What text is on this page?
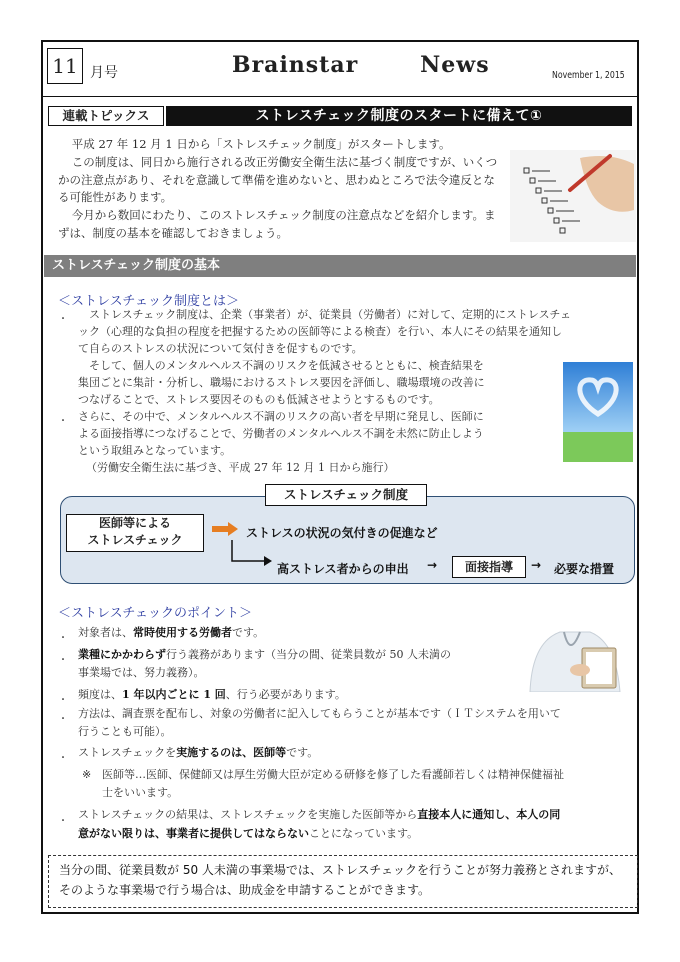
11 月号	Brainstar   News	November 1, 2015
連載トピックス	ストレスチェック制度のスタートに備えて①

平成 27 年 12 月 1 日から「ストレスチェック制度」がスタートします。

この制度は、同日から施行される改正労働安全衛生法に基づく制度ですが、いくつかの注意点があり、それを意識して準備を進めないと、思わぬところで法令違反となる可能性があります。

今月から数回にわたり、このストレスチェック制度の注意点などを紹介します。まずは、制度の基本を確認しておきましょう。

ストレスチェック制度の基本
＜ストレスチェック制度とは＞
・	ストレスチェック制度は、企業（事業者）が、従業員（労働者）に対して、定期的にストレスチェ
ック（心理的な負担の程度を把握するための医師等による検査）を行い、本人にその結果を通知し
て自らのストレスの状況について気付きを促すものです。
そして、個人のメンタルヘルス不調のリスクを低減させるとともに、検査結果を
集団ごとに集計・分析し、職場におけるストレス要因を評価し、職場環境の改善に
つなげることで、ストレス要因そのものも低減させようとするものです。
・ さらに、その中で、メンタルヘルス不調のリスクの高い者を早期に発見し、医師に
よる面接指導につなげることで、労働者のメンタルヘルス不調を未然に防止しよう
という取組みとなっています。
（労働安全衛生法に基づき、平成 27 年 12 月 1 日から施行）
ストレスチェック制度
医師等による
ストレスチェック	ストレスの状況の気付きの促進など
高ストレス者からの申出 →	面接指導	→ 必要な措置
＜ストレスチェックのポイント＞
・ 対象者は、常時使用する労働者です。
・ 業種にかかわらず行う義務があります（当分の間、従業員数が 50 人未満の
事業場では、努力義務）。
・ 頻度は、1 年以内ごとに 1 回、行う必要があります。
・ 方法は、調査票を配布し、対象の労働者に記入してもらうことが基本です（ＩＴシステムを用いて
行うことも可能）。
・ ストレスチェックを実施するのは、医師等です。
※ 医師等…医師、保健師又は厚生労働大臣が定める研修を修了した看護師若しくは精神保健福祉
士をいいます。
・
ストレスチェックの結果は、ストレスチェックを実施した医師等から直接本人に通知し、本人の同
意がない限りは、事業者に提供してはならないことになっています。
当分の間、従業員数が 50 人未満の事業場では、ストレスチェックを行うことが努力義務とされますが、
そのような事業場で行う場合は、助成金を申請することができます。
